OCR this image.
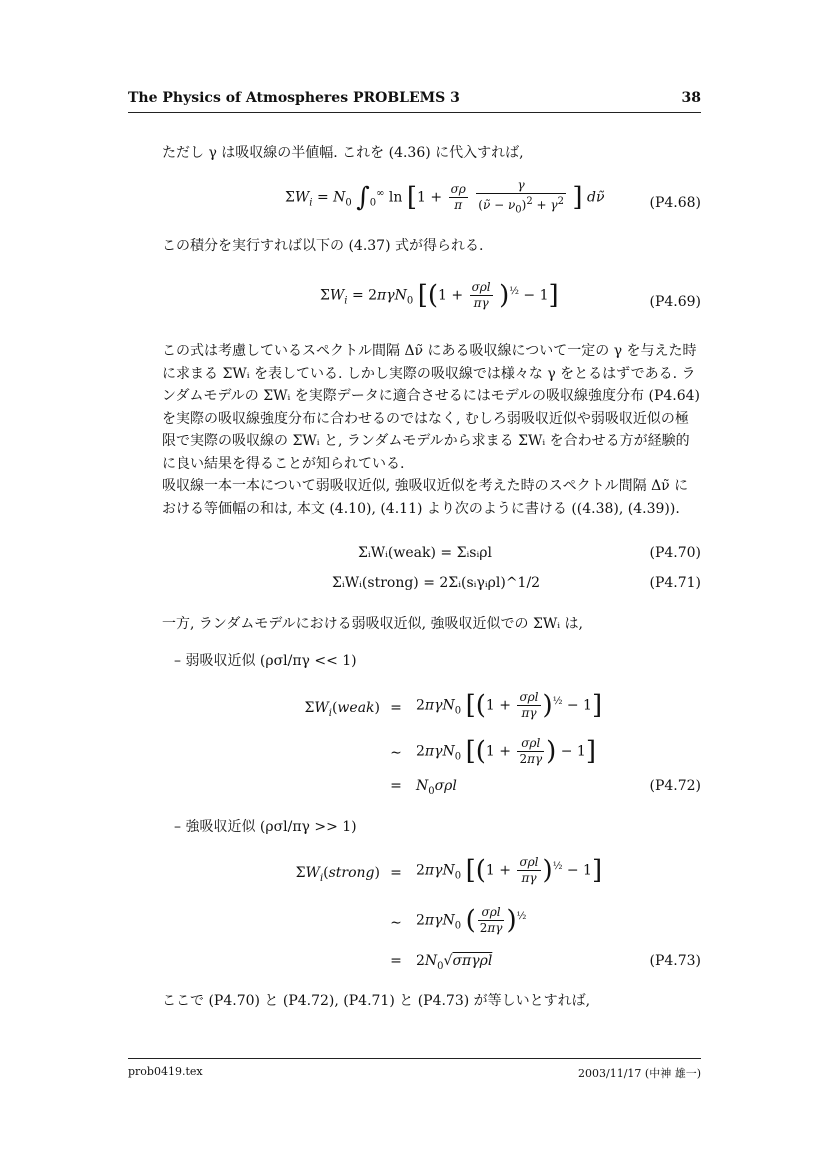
The Physics of Atmospheres PROBLEMS 3	38
ただし γ は吸収線の半値幅. これを (4.36) に代入すれば,
$\Sigma W_i = N_0$ $\int_0^\infty$ $\ln [1 + \frac{\sigma\rho}{\pi}$
$\frac{\gamma}{(\nũ - \nu_0)^2 + \gamma^2}$ ] dν̃	(P4.68)
この積分を実行すれば以下の (4.37) 式が得られる.
$\Sigma W_i = 2\pi\gamma N_0$ $[(1 + \frac{\text{σρl}}{\pi\gamma} )^{\frac{1}{2}} - 1]$	(P4.69)
この式は考慮しているスペクトル間隔 Δν̃ にある吸収線について一定の γ を与えた時に求まる ΣWᵢ を表している. しかし実際の吸収線では様々な γ をとるはずである. ランダムモデルの ΣWᵢ を実際データに適合させるにはモデルの吸収線強度分布 (P4.64) を実際の吸収線強度分布に合わせるのではなく, むしろ弱吸収近似や弱吸収近似の極限で実際の吸収線の ΣWᵢ と, ランダムモデルから求まる ΣWᵢ を合わせる方が経験的に良い結果を得ることが知られている.
吸収線一本一本について弱吸収近似, 強吸収近似を考えた時のスペクトル間隔 Δν̃ における等価幅の和は, 本文 (4.10), (4.11) より次のように書ける ((4.38), (4.39)).
ΣᵢWᵢ(weak) = Σᵢsᵢρl	(P4.70)
ΣᵢWᵢ(strong) = 2Σᵢ(sᵢγᵢρl)^1/2	(P4.71)
一方, ランダムモデルにおける弱吸収近似, 強吸収近似での ΣWᵢ は,
– 弱吸収近似 (ρσl/πγ << 1)
$\Sigma W_i(weak) = 2\pi\gamma N_0$ $[(1 + \frac{\text{σρl}}{\pi\gamma} )^{\frac{1}{2}} - 1]$
∼ 2πγN$_0$ [($1 + \frac{\text{σρl}}{2\pi\gamma}$ ) − 1]
= $N_0\sigma\rho l$	(P4.72)
– 強吸収近似 (ρσl/πγ >> 1)
$\Sigma W_i(strong) = 2\pi\gamma N_0$ $[(1 + \frac{\text{σρl}}{\pi\gamma} )^{\frac{1}{2}} - 1]$
∼ 2πγN$_0$ ( $\frac{\text{σρl}}{2\pi\gamma} )^{\frac{1}{2}}$
= $2N_0√\sigma\pi\gamma\rho l$	(P4.73)
ここで (P4.70) と (P4.72), (P4.71) と (P4.73) が等しいとすれば,
prob0419.tex	2003/11/17 (中神 雄一)
